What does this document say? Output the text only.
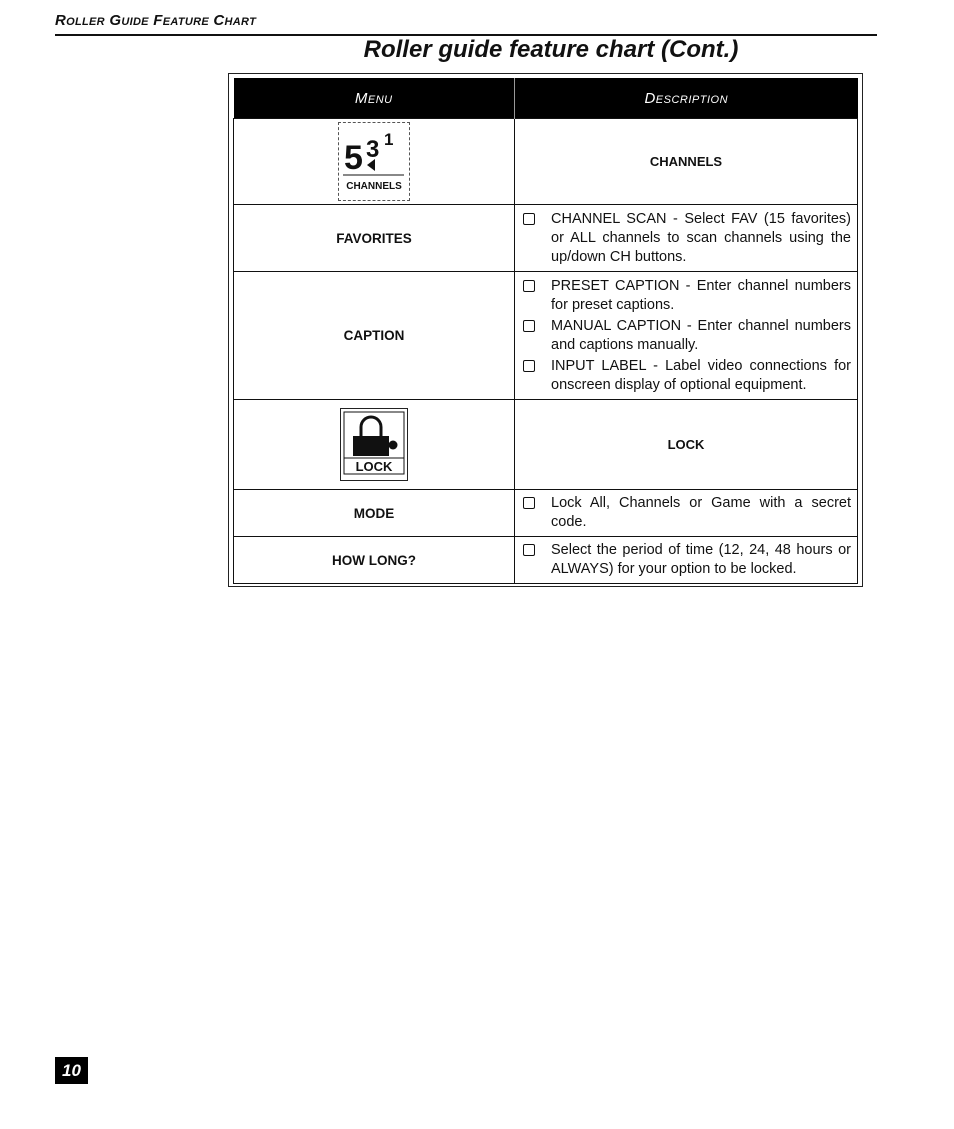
Roller Guide Feature Chart
Roller guide feature chart (Cont.)
Menu	Description

5 3 1
CHANNELS	CHANNELS
FAVORITES	CHANNEL SCAN - Select FAV (15 favorites) or ALL channels to scan channels using the up/down CH buttons.

CAPTION	PRESET CAPTION - Enter channel numbers for preset captions.
MANUAL CAPTION - Enter channel numbers and captions manually.
INPUT LABEL - Label video connections for onscreen display of optional equipment.

LOCK	LOCK
MODE	Lock All, Channels or Game with a secret code.

HOW LONG?	Select the period of time (12, 24, 48 hours or ALWAYS) for your option to be locked.
10
